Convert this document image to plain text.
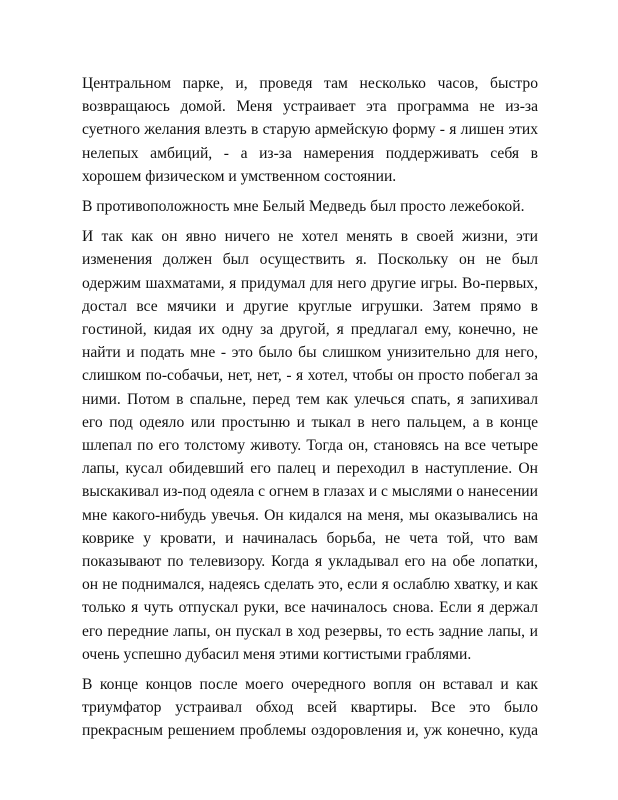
Центральном парке, и, проведя там несколько часов, быстро возвращаюсь домой. Меня устраивает эта программа не из-за суетного желания влезть в старую армейскую форму - я лишен этих нелепых амбиций, - а из-за намерения поддерживать себя в хорошем физическом и умственном состоянии.

В противоположность мне Белый Медведь был просто лежебокой.

И так как он явно ничего не хотел менять в своей жизни, эти изменения должен был осуществить я. Поскольку он не был одержим шахматами, я придумал для него другие игры. Во-первых, достал все мячики и другие круглые игрушки. Затем прямо в гостиной, кидая их одну за другой, я предлагал ему, конечно, не найти и подать мне - это было бы слишком унизительно для него, слишком по-собачьи, нет, нет, - я хотел, чтобы он просто побегал за ними. Потом в спальне, перед тем как улечься спать, я запихивал его под одеяло или простыню и тыкал в него пальцем, а в конце шлепал по его толстому животу. Тогда он, становясь на все четыре лапы, кусал обидевший его палец и переходил в наступление. Он выскакивал из-под одеяла с огнем в глазах и с мыслями о нанесении мне какого-нибудь увечья. Он кидался на меня, мы оказывались на коврике у кровати, и начиналась борьба, не чета той, что вам показывают по телевизору. Когда я укладывал его на обе лопатки, он не поднимался, надеясь сделать это, если я ослаблю хватку, и как только я чуть отпускал руки, все начиналось снова. Если я держал его передние лапы, он пускал в ход резервы, то есть задние лапы, и очень успешно дубасил меня этими когтистыми граблями.

В конце концов после моего очередного вопля он вставал и как триумфатор устраивал обход всей квартиры. Все это было прекрасным решением проблемы оздоровления и, уж конечно, куда
